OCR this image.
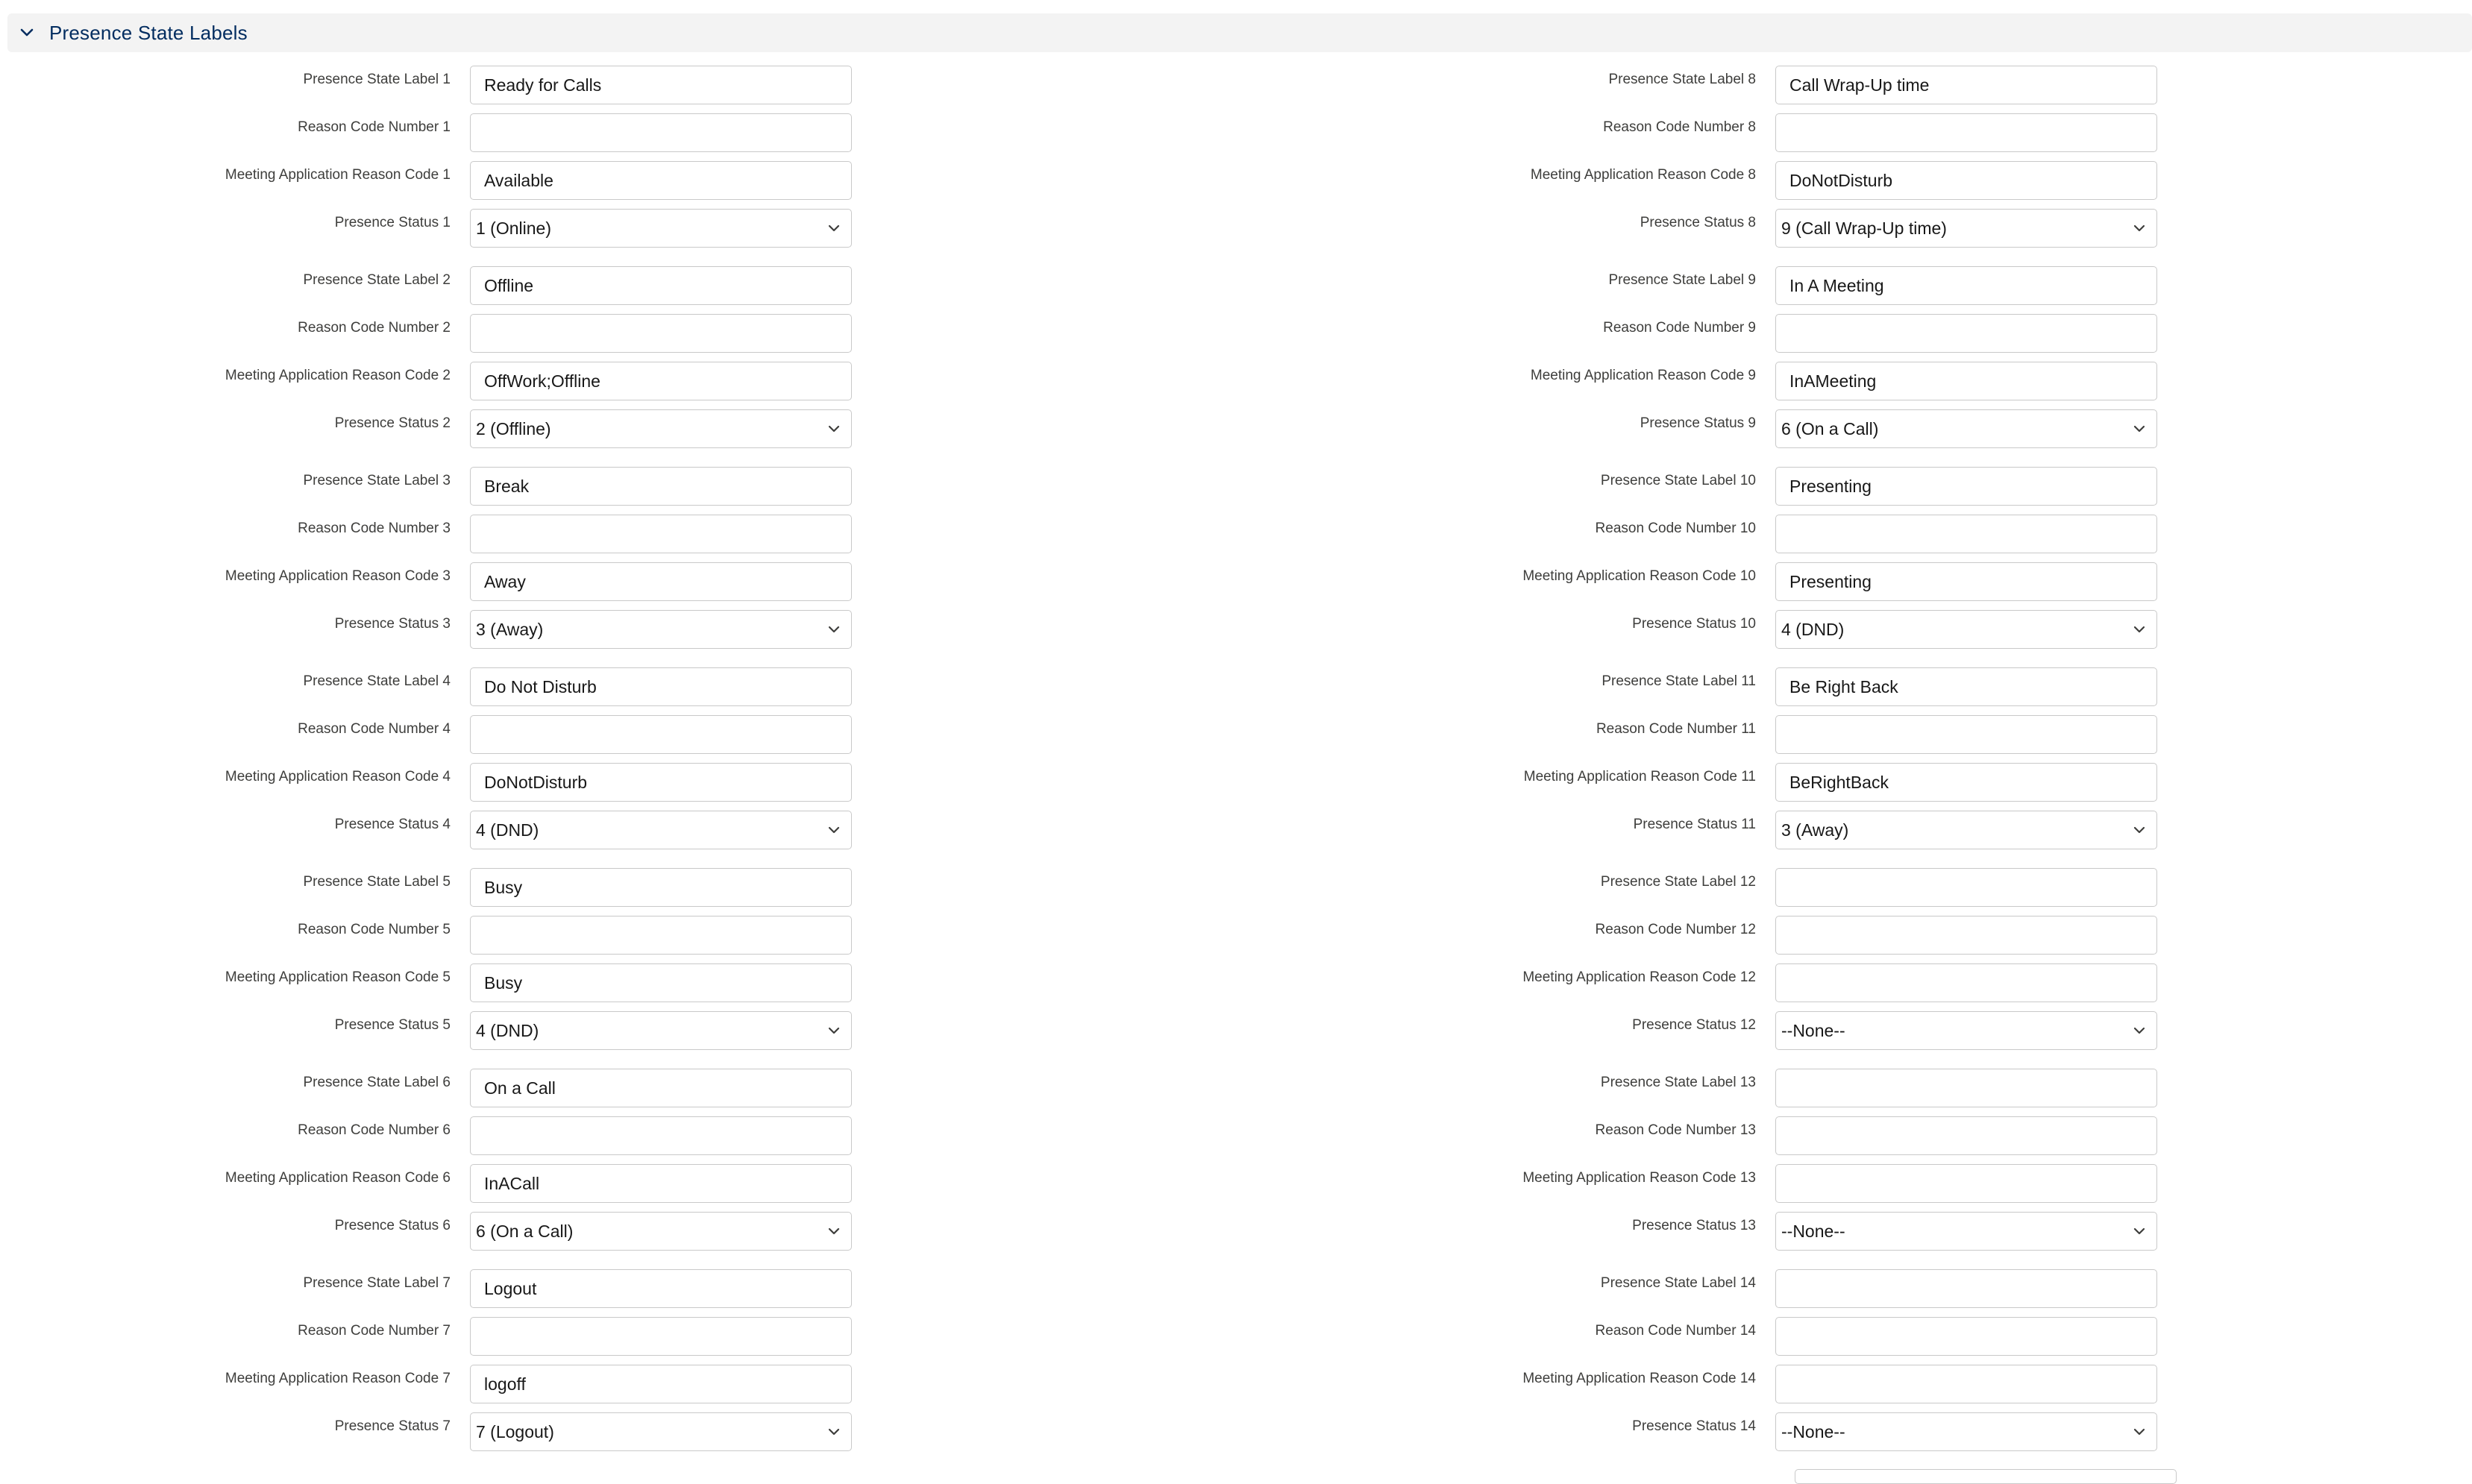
Presence State Labels
Presence State Label 1	Ready for Calls
Reason Code Number 1
Meeting Application Reason Code 1	Available
Presence Status 1	1 (Online)
Presence State Label 2	Offline
Reason Code Number 2
Meeting Application Reason Code 2	OffWork;Offline
Presence Status 2	2 (Offline)
Presence State Label 3	Break
Reason Code Number 3
Meeting Application Reason Code 3	Away
Presence Status 3	3 (Away)
Presence State Label 4	Do Not Disturb
Reason Code Number 4
Meeting Application Reason Code 4	DoNotDisturb
Presence Status 4	4 (DND)
Presence State Label 5	Busy
Reason Code Number 5
Meeting Application Reason Code 5	Busy
Presence Status 5	4 (DND)
Presence State Label 6	On a Call
Reason Code Number 6
Meeting Application Reason Code 6	InACall
Presence Status 6	6 (On a Call)
Presence State Label 7	Logout
Reason Code Number 7
Meeting Application Reason Code 7	logoff
Presence Status 7	7 (Logout)
Presence State Label 8	Call Wrap-Up time
Reason Code Number 8
Meeting Application Reason Code 8	DoNotDisturb
Presence Status 8	9 (Call Wrap-Up time)
Presence State Label 9	In A Meeting
Reason Code Number 9
Meeting Application Reason Code 9	InAMeeting
Presence Status 9	6 (On a Call)
Presence State Label 10	Presenting
Reason Code Number 10
Meeting Application Reason Code 10	Presenting
Presence Status 10	4 (DND)
Presence State Label 11	Be Right Back
Reason Code Number 11
Meeting Application Reason Code 11	BeRightBack
Presence Status 11	3 (Away)
Presence State Label 12
Reason Code Number 12
Meeting Application Reason Code 12
Presence Status 12	--None--
Presence State Label 13
Reason Code Number 13
Meeting Application Reason Code 13
Presence Status 13	--None--
Presence State Label 14
Reason Code Number 14
Meeting Application Reason Code 14
Presence Status 14	--None--
